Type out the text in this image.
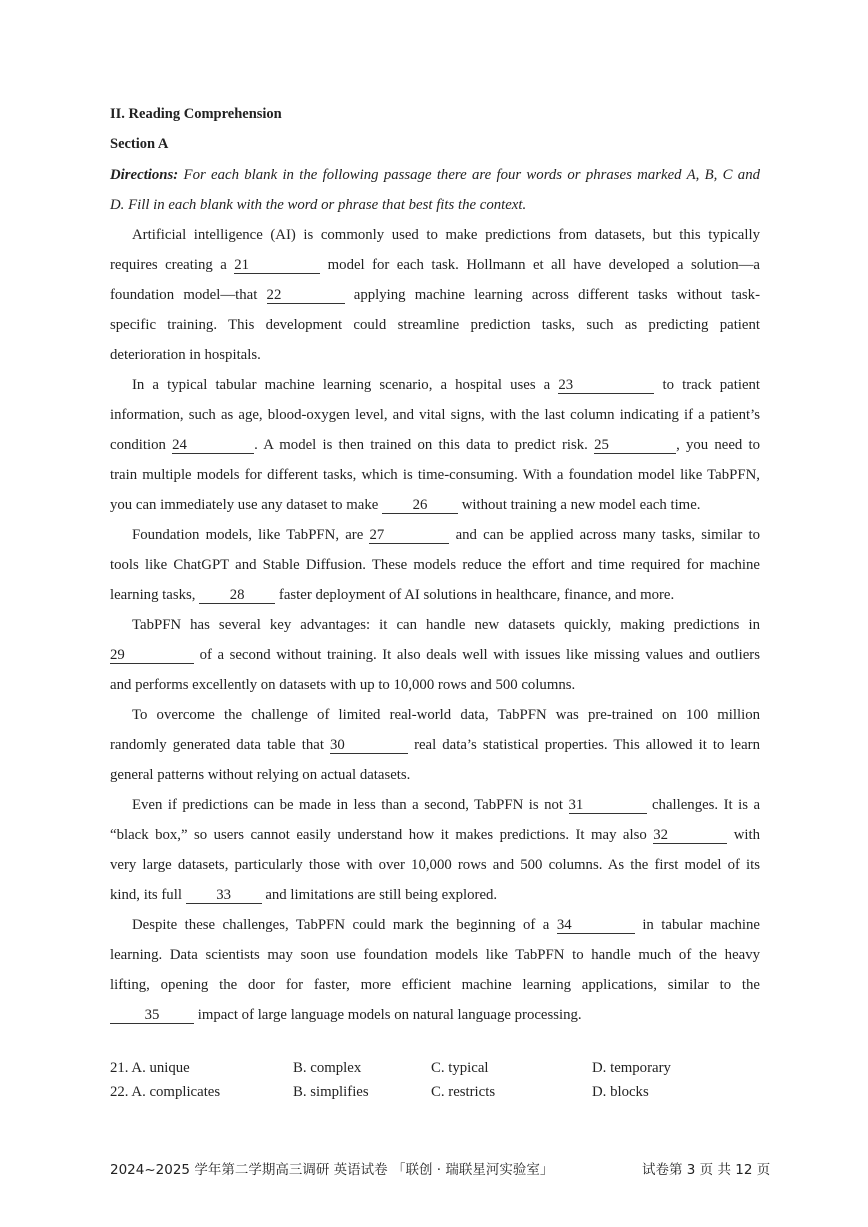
II. Reading Comprehension
Section A
Directions: For each blank in the following passage there are four words or phrases marked A, B, C and
D. Fill in each blank with the word or phrase that best fits the context.
Artificial intelligence (AI) is commonly used to make predictions from datasets, but this typically
requires creating a 21	model for each task. Hollmann et all have developed a solution—a
foundation model—that 22	applying machine learning across different tasks without task-
specific training. This development could streamline prediction tasks, such as predicting patient
deterioration in hospitals.
In a typical tabular machine learning scenario, a hospital uses a 23	to track patient
information, such as age, blood-oxygen level, and vital signs, with the last column indicating if a patient’s
condition 24	. A model is then trained on this data to predict risk. 25	, you need to
train multiple models for different tasks, which is time-consuming. With a foundation model like TabPFN,
you can immediately use any dataset to make 26 without training a new model each time.
Foundation models, like TabPFN, are 27	and can be applied across many tasks, similar to
tools like ChatGPT and Stable Diffusion. These models reduce the effort and time required for machine
learning tasks, 28 faster deployment of AI solutions in healthcare, finance, and more.
TabPFN has several key advantages: it can handle new datasets quickly, making predictions in
29	of a second without training. It also deals well with issues like missing values and outliers
and performs excellently on datasets with up to 10,000 rows and 500 columns.
To overcome the challenge of limited real-world data, TabPFN was pre-trained on 100 million
randomly generated data table that 30	real data’s statistical properties. This allowed it to learn
general patterns without relying on actual datasets.
Even if predictions can be made in less than a second, TabPFN is not 31	challenges. It is a
“black box,” so users cannot easily understand how it makes predictions. It may also 32	with
very large datasets, particularly those with over 10,000 rows and 500 columns. As the first model of its
kind, its full 33 and limitations are still being explored.
Despite these challenges, TabPFN could mark the beginning of a 34	in tabular machine
learning. Data scientists may soon use foundation models like TabPFN to handle much of the heavy
lifting, opening the door for faster, more efficient machine learning applications, similar to the
35	impact of large language models on natural language processing.
21. A. unique	B. complex	C. typical	D. temporary
22. A. complicates	B. simplifies	C. restricts	D. blocks
2024~2025 学年第二学期高三调研 英语试卷 「联创 · 瑞联星河实验室」	试卷第 3 页 共 12 页
